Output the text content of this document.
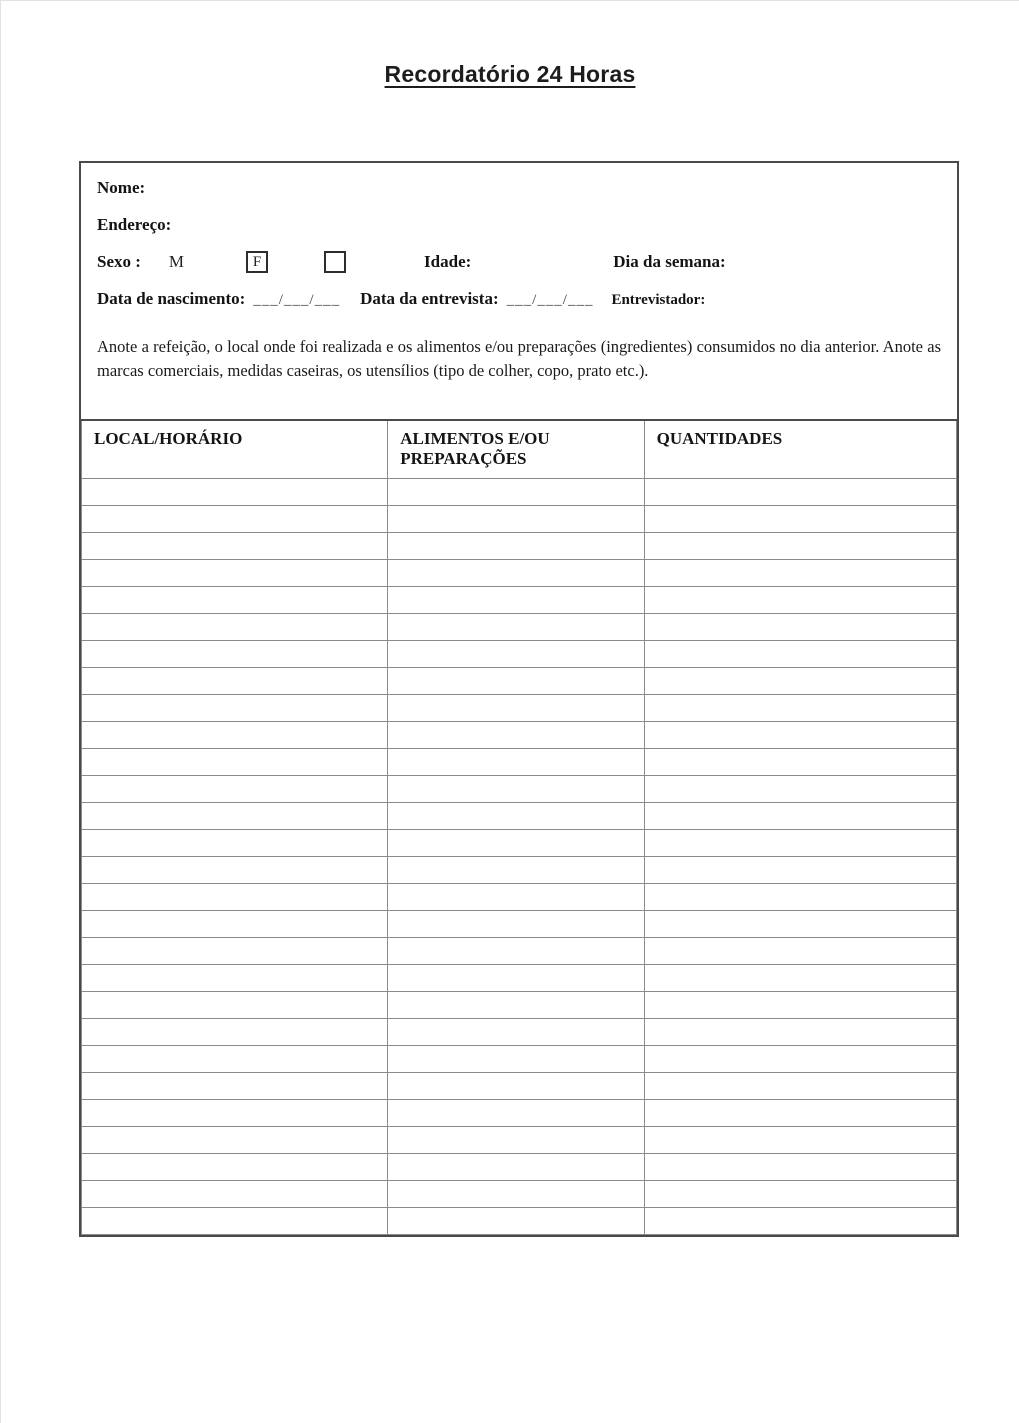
Recordatório 24 Horas
Nome:
Endereço:
Sexo : M	F	Idade:	Dia da semana:
Data de nascimento: ___/___/___ Data da entrevista: ___/___/___ Entrevistador:

Anote a refeição, o local onde foi realizada e os alimentos e/ou preparações (ingredientes) consumidos no dia anterior. Anote as marcas comerciais, medidas caseiras, os utensílios (tipo de colher, copo, prato etc.).

LOCAL/HORÁRIO	ALIMENTOS E/OU PREPARAÇÕES	QUANTIDADES
